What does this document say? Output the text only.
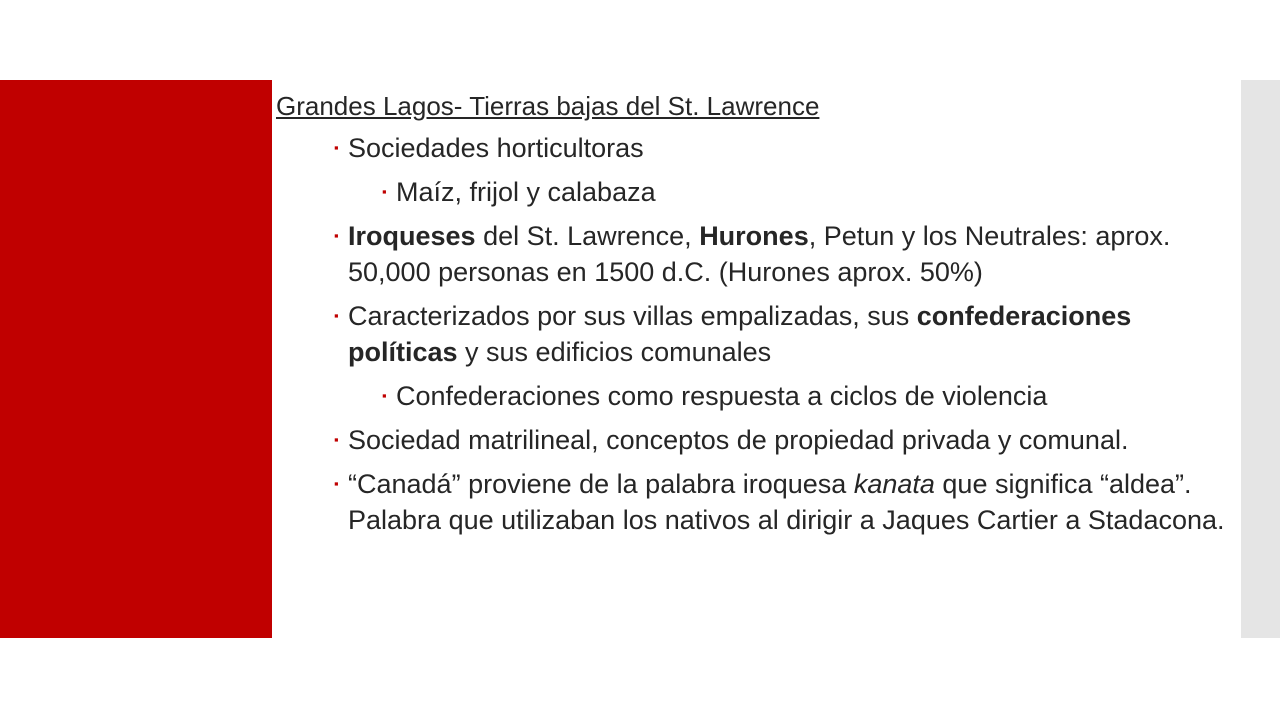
Grandes Lagos- Tierras bajas del St. Lawrence
▪ Sociedades horticultoras
▪ Maíz, frijol y calabaza
▪ Iroqueses del St. Lawrence, Hurones, Petun y los Neutrales: aprox. 50,000 personas en 1500 d.C. (Hurones aprox. 50%)
▪ Caracterizados por sus villas empalizadas, sus confederaciones políticas y sus edificios comunales
▪ Confederaciones como respuesta a ciclos de violencia
▪ Sociedad matrilineal, conceptos de propiedad privada y comunal.
▪ “Canadá” proviene de la palabra iroquesa kanata que significa “aldea”. Palabra que utilizaban los nativos al dirigir a Jaques Cartier a Stadacona.
